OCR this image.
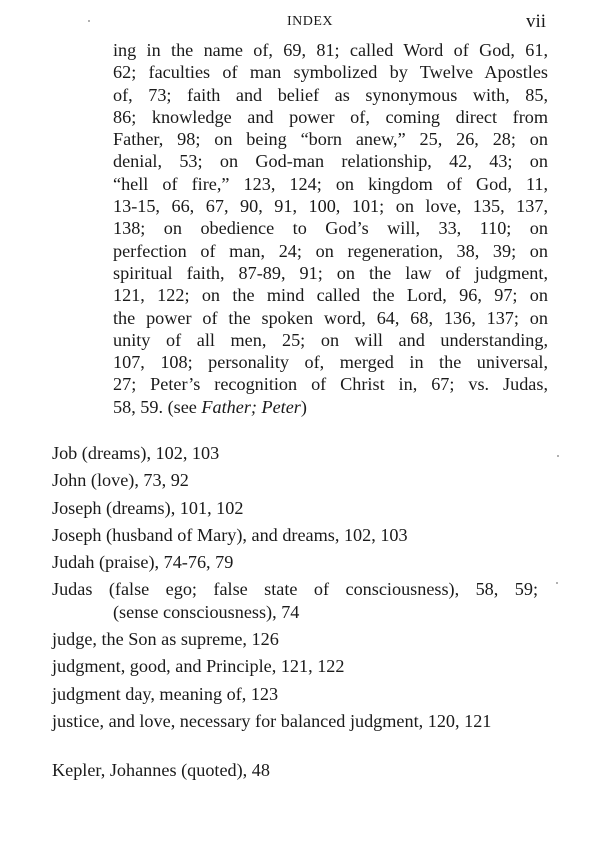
INDEX	vii
ing in the name of, 69, 81; called Word of God, 61,
62; faculties of man symbolized by Twelve Apostles
of, 73; faith and belief as synonymous with, 85,
86; knowledge and power of, coming direct from
Father, 98; on being “born anew,” 25, 26, 28; on
denial, 53; on God-man relationship, 42, 43; on
“hell of fire,” 123, 124; on kingdom of God, 11,
13-15, 66, 67, 90, 91, 100, 101; on love, 135, 137,
138; on obedience to God’s will, 33, 110; on
perfection of man, 24; on regeneration, 38, 39; on
spiritual faith, 87-89, 91; on the law of judgment,
121, 122; on the mind called the Lord, 96, 97; on
the power of the spoken word, 64, 68, 136, 137; on
unity of all men, 25; on will and understanding,
107, 108; personality of, merged in the universal,
27; Peter’s recognition of Christ in, 67; vs. Judas,
58, 59. (see Father; Peter)
Job (dreams), 102, 103
John (love), 73, 92
Joseph (dreams), 101, 102
Joseph (husband of Mary), and dreams, 102, 103
Judah (praise), 74-76, 79
Judas (false ego; false state of consciousness), 58, 59;
(sense consciousness), 74
judge, the Son as supreme, 126
judgment, good, and Principle, 121, 122
judgment day, meaning of, 123
justice, and love, necessary for balanced judgment, 120, 121
Kepler, Johannes (quoted), 48
